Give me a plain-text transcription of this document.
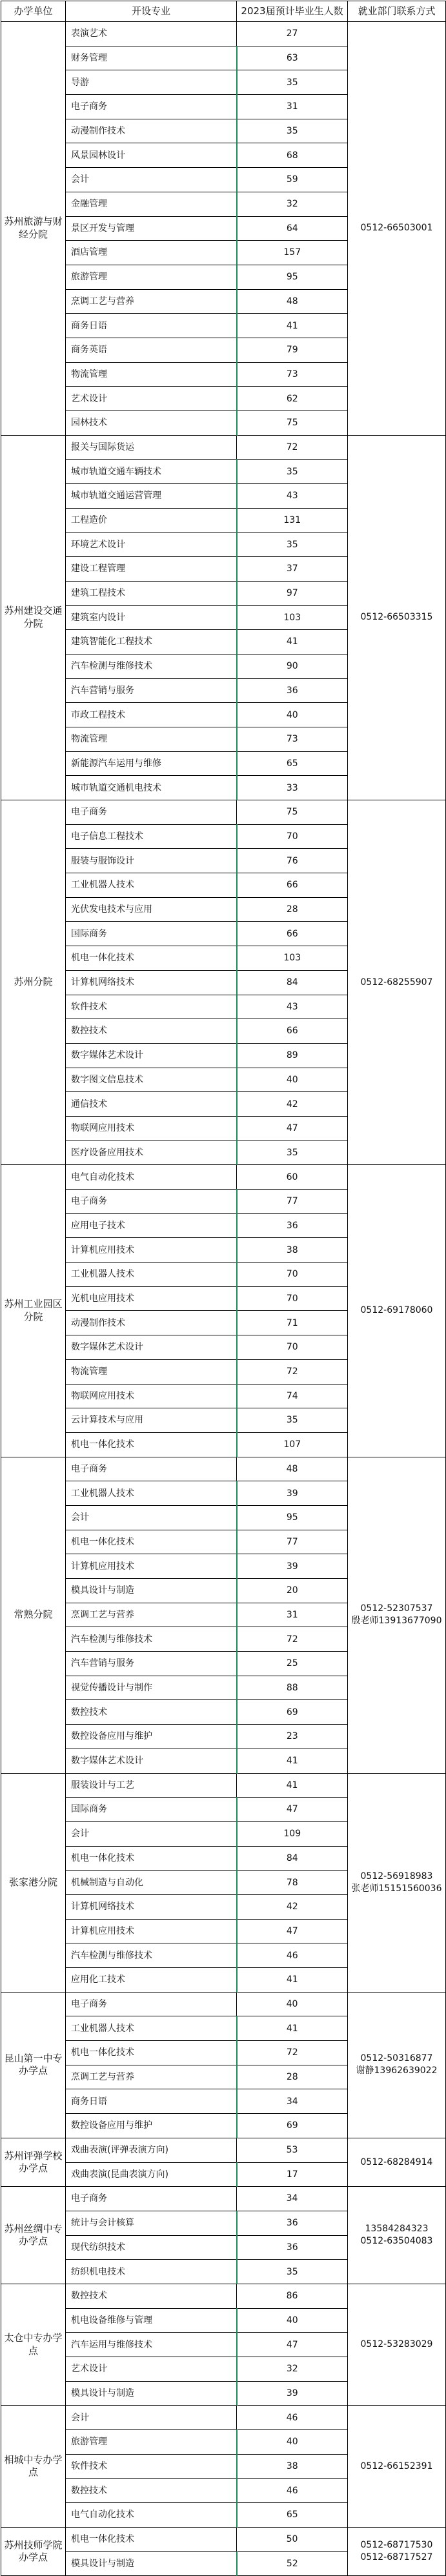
办学单位	开设专业	2023届预计毕业生人数	就业部门联系方式
苏州旅游与财经分院	表演艺术	27	0512-66503001

	财务管理	63	
	导游	35	
	电子商务	31	
	动漫制作技术	35	
	风景园林设计	68	
	会计	59	
	金融管理	32	
	景区开发与管理	64	
	酒店管理	157	
	旅游管理	95	
	烹调工艺与营养	48	
	商务日语	41	
	商务英语	79	
	物流管理	73	
	艺术设计	62	
	园林技术	75	
苏州建设交通分院	报关与国际货运	72	0512-66503315

	城市轨道交通车辆技术	35	
	城市轨道交通运营管理	43	
	工程造价	131	
	环境艺术设计	35	
	建设工程管理	37	
	建筑工程技术	97	
	建筑室内设计	103	
	建筑智能化工程技术	41	
	汽车检测与维修技术	90	
	汽车营销与服务	36	
	市政工程技术	40	
	物流管理	73	
	新能源汽车运用与维修	65	
	城市轨道交通机电技术	33	
苏州分院	电子商务	75	0512-68255907

	电子信息工程技术	70	
	服装与服饰设计	76	
	工业机器人技术	66	
	光伏发电技术与应用	28	
	国际商务	66	
	机电一体化技术	103	
	计算机网络技术	84	
	软件技术	43	
	数控技术	66	
	数字媒体艺术设计	89	
	数字图文信息技术	40	
	通信技术	42	
	物联网应用技术	47	
	医疗设备应用技术	35	
苏州工业园区分院	电气自动化技术	60	0512-69178060

	电子商务	77	
	应用电子技术	36	
	计算机应用技术	38	
	工业机器人技术	70	
	光机电应用技术	70	
	动漫制作技术	71	
	数字媒体艺术设计	70	
	物流管理	72	
	物联网应用技术	74	
	云计算技术与应用	35	
	机电一体化技术	107	
常熟分院	电子商务	48	0512-52307537
殷老师13913677090

	工业机器人技术	39	
	会计	95	
	机电一体化技术	77	
	计算机应用技术	39	
	模具设计与制造	20	
	烹调工艺与营养	31	
	汽车检测与维修技术	72	
	汽车营销与服务	25	
	视觉传播设计与制作	88	
	数控技术	69	
	数控设备应用与维护	23	
	数字媒体艺术设计	41	
张家港分院	服装设计与工艺	41	0512-56918983
张老师15151560036

	国际商务	47	
	会计	109	
	机电一体化技术	84	
	机械制造与自动化	78	
	计算机网络技术	42	
	计算机应用技术	47	
	汽车检测与维修技术	46	
	应用化工技术	41	
昆山第一中专办学点	电子商务	40	0512-50316877
谢静13962639022

	工业机器人技术	41	
	机电一体化技术	72	
	烹调工艺与营养	28	
	商务日语	34	
	数控设备应用与维护	69	
苏州评弹学校办学点	戏曲表演(评弹表演方向)	53	0512-68284914

	戏曲表演(昆曲表演方向)	17	
苏州丝绸中专办学点	电子商务	34	13584284323
0512-63504083

	统计与会计核算	36	
	现代纺织技术	36	
	纺织机电技术	35	
太仓中专办学点	数控技术	86	0512-53283029

	机电设备维修与管理	40	
	汽车运用与维修技术	47	
	艺术设计	32	
	模具设计与制造	39	
相城中专办学点	会计	46	0512-66152391

	旅游管理	40	
	软件技术	38	
	数控技术	46	
	电气自动化技术	65	
苏州技师学院办学点	机电一体化技术	50	0512-68717530
0512-68717527

	模具设计与制造	52	
